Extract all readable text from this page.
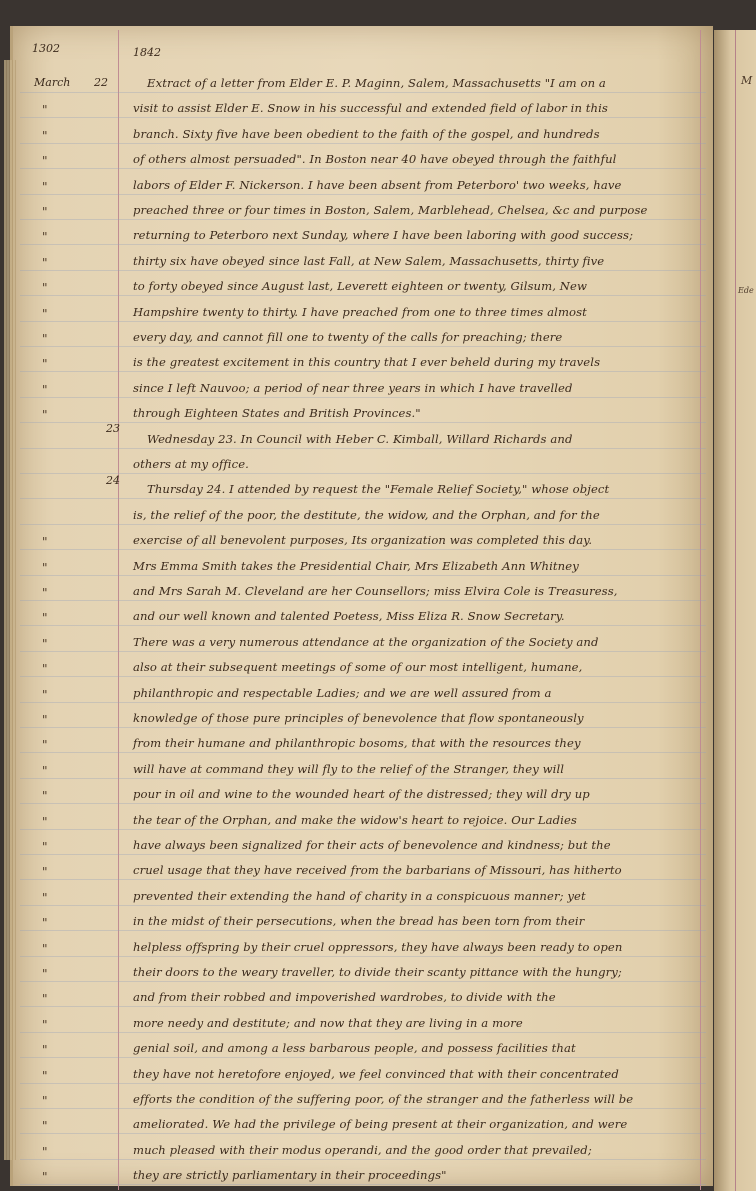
M
Ede
1302	1842
March 22
23
24
"
"
"
"
"
"
"
"
"
"
"
"
"
"
"
"
"
"
"
"
"
"
"
"
"
"
"
"
"
"
"
"
"
"
"
"
"
"
"
Extract of a letter from Elder E. P. Maginn, Salem, Massachusetts "I am on a
visit to assist Elder E. Snow in his successful and extended field of labor in this
branch. Sixty five have been obedient to the faith of the gospel, and hundreds
of others almost persuaded". In Boston near 40 have obeyed through the faithful
labors of Elder F. Nickerson. I have been absent from Peterboro' two weeks, have
preached three or four times in Boston, Salem, Marblehead, Chelsea, &c and purpose
returning to Peterboro next Sunday, where I have been laboring with good success;
thirty six have obeyed since last Fall, at New Salem, Massachusetts, thirty five
to forty obeyed since August last, Leverett eighteen or twenty, Gilsum, New
Hampshire twenty to thirty. I have preached from one to three times almost
every day, and cannot fill one to twenty of the calls for preaching; there
is the greatest excitement in this country that I ever beheld during my travels
since I left Nauvoo; a period of near three years in which I have travelled
through Eighteen States and British Provinces."
Wednesday 23. In Council with Heber C. Kimball, Willard Richards and
others at my office.
Thursday 24. I attended by request the "Female Relief Society," whose object
is, the relief of the poor, the destitute, the widow, and the Orphan, and for the
exercise of all benevolent purposes, Its organization was completed this day.
Mrs Emma Smith takes the Presidential Chair, Mrs Elizabeth Ann Whitney
and Mrs Sarah M. Cleveland are her Counsellors; miss Elvira Cole is Treasuress,
and our well known and talented Poetess, Miss Eliza R. Snow Secretary.
There was a very numerous attendance at the organization of the Society and
also at their subsequent meetings of some of our most intelligent, humane,
philanthropic and respectable Ladies; and we are well assured from a
knowledge of those pure principles of benevolence that flow spontaneously
from their humane and philanthropic bosoms, that with the resources they
will have at command they will fly to the relief of the Stranger, they will
pour in oil and wine to the wounded heart of the distressed; they will dry up
the tear of the Orphan, and make the widow's heart to rejoice. Our Ladies
have always been signalized for their acts of benevolence and kindness; but the
cruel usage that they have received from the barbarians of Missouri, has hitherto
prevented their extending the hand of charity in a conspicuous manner; yet
in the midst of their persecutions, when the bread has been torn from their
helpless offspring by their cruel oppressors, they have always been ready to open
their doors to the weary traveller, to divide their scanty pittance with the hungry;
and from their robbed and impoverished wardrobes, to divide with the
more needy and destitute; and now that they are living in a more
genial soil, and among a less barbarous people, and possess facilities that
they have not heretofore enjoyed, we feel convinced that with their concentrated
efforts the condition of the suffering poor, of the stranger and the fatherless will be
ameliorated. We had the privilege of being present at their organization, and were
much pleased with their modus operandi, and the good order that prevailed;
they are strictly parliamentary in their proceedings"
